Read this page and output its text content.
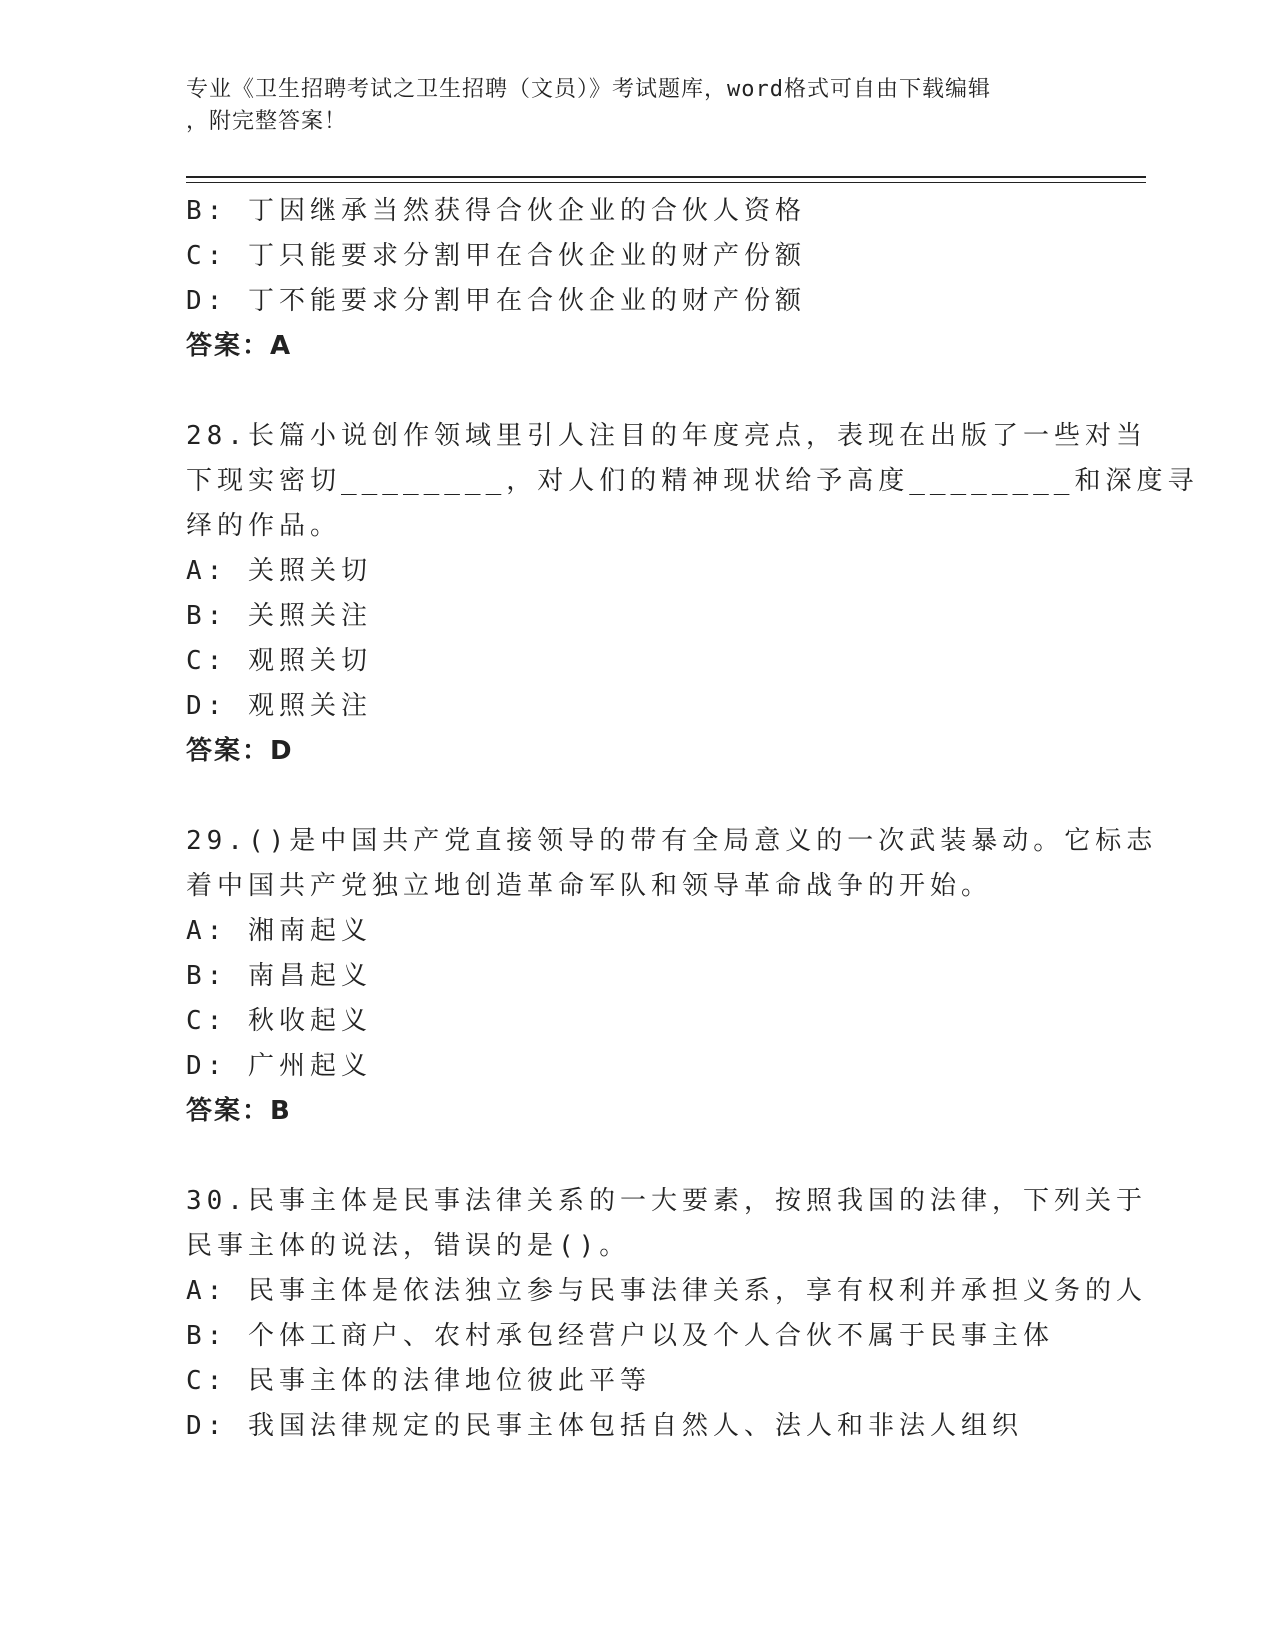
专业《卫生招聘考试之卫生招聘（文员）》考试题库，word格式可自由下载编辑
，附完整答案！
B: 丁因继承当然获得合伙企业的合伙人资格
C: 丁只能要求分割甲在合伙企业的财产份额
D: 丁不能要求分割甲在合伙企业的财产份额
答案：A
28.长篇小说创作领域里引人注目的年度亮点，表现在出版了一些对当
下现实密切________，对人们的精神现状给予高度________和深度寻
绎的作品。
A: 关照关切
B: 关照关注
C: 观照关切
D: 观照关注
答案：D
29.()是中国共产党直接领导的带有全局意义的一次武装暴动。它标志
着中国共产党独立地创造革命军队和领导革命战争的开始。
A: 湘南起义
B: 南昌起义
C: 秋收起义
D: 广州起义
答案：B
30.民事主体是民事法律关系的一大要素，按照我国的法律，下列关于
民事主体的说法，错误的是()。
A: 民事主体是依法独立参与民事法律关系，享有权利并承担义务的人
B: 个体工商户、农村承包经营户以及个人合伙不属于民事主体
C: 民事主体的法律地位彼此平等
D: 我国法律规定的民事主体包括自然人、法人和非法人组织
